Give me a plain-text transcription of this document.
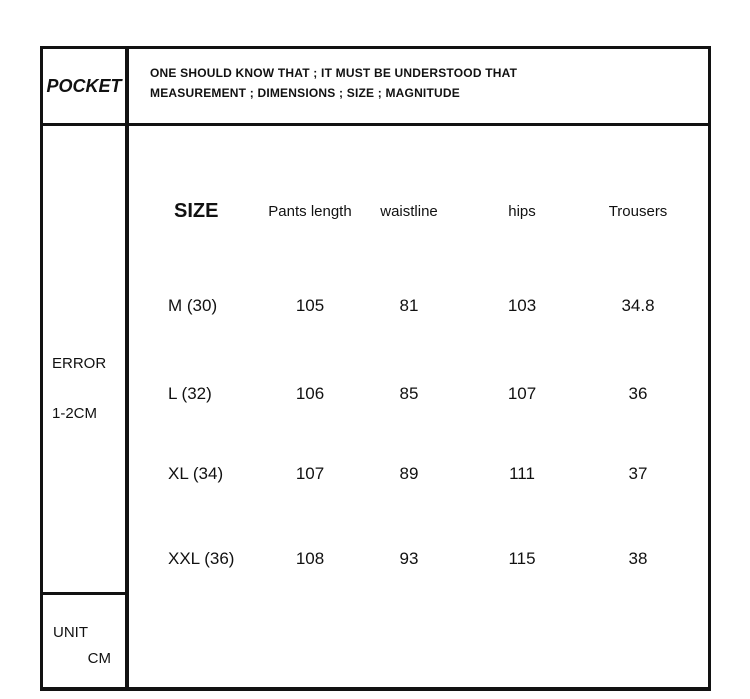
POCKET
ERROR
1-2CM
UNIT
CM
ONE SHOULD KNOW THAT ; IT MUST BE UNDERSTOOD THAT
MEASUREMENT ; DIMENSIONS ; SIZE ; MAGNITUDE
SIZE	Pants length	waistline	hips	Trousers
M (30)	105	81	103	34.8
L (32)	106	85	107	36
XL (34)	107	89	111	37
XXL (36)	108	93	115	38
